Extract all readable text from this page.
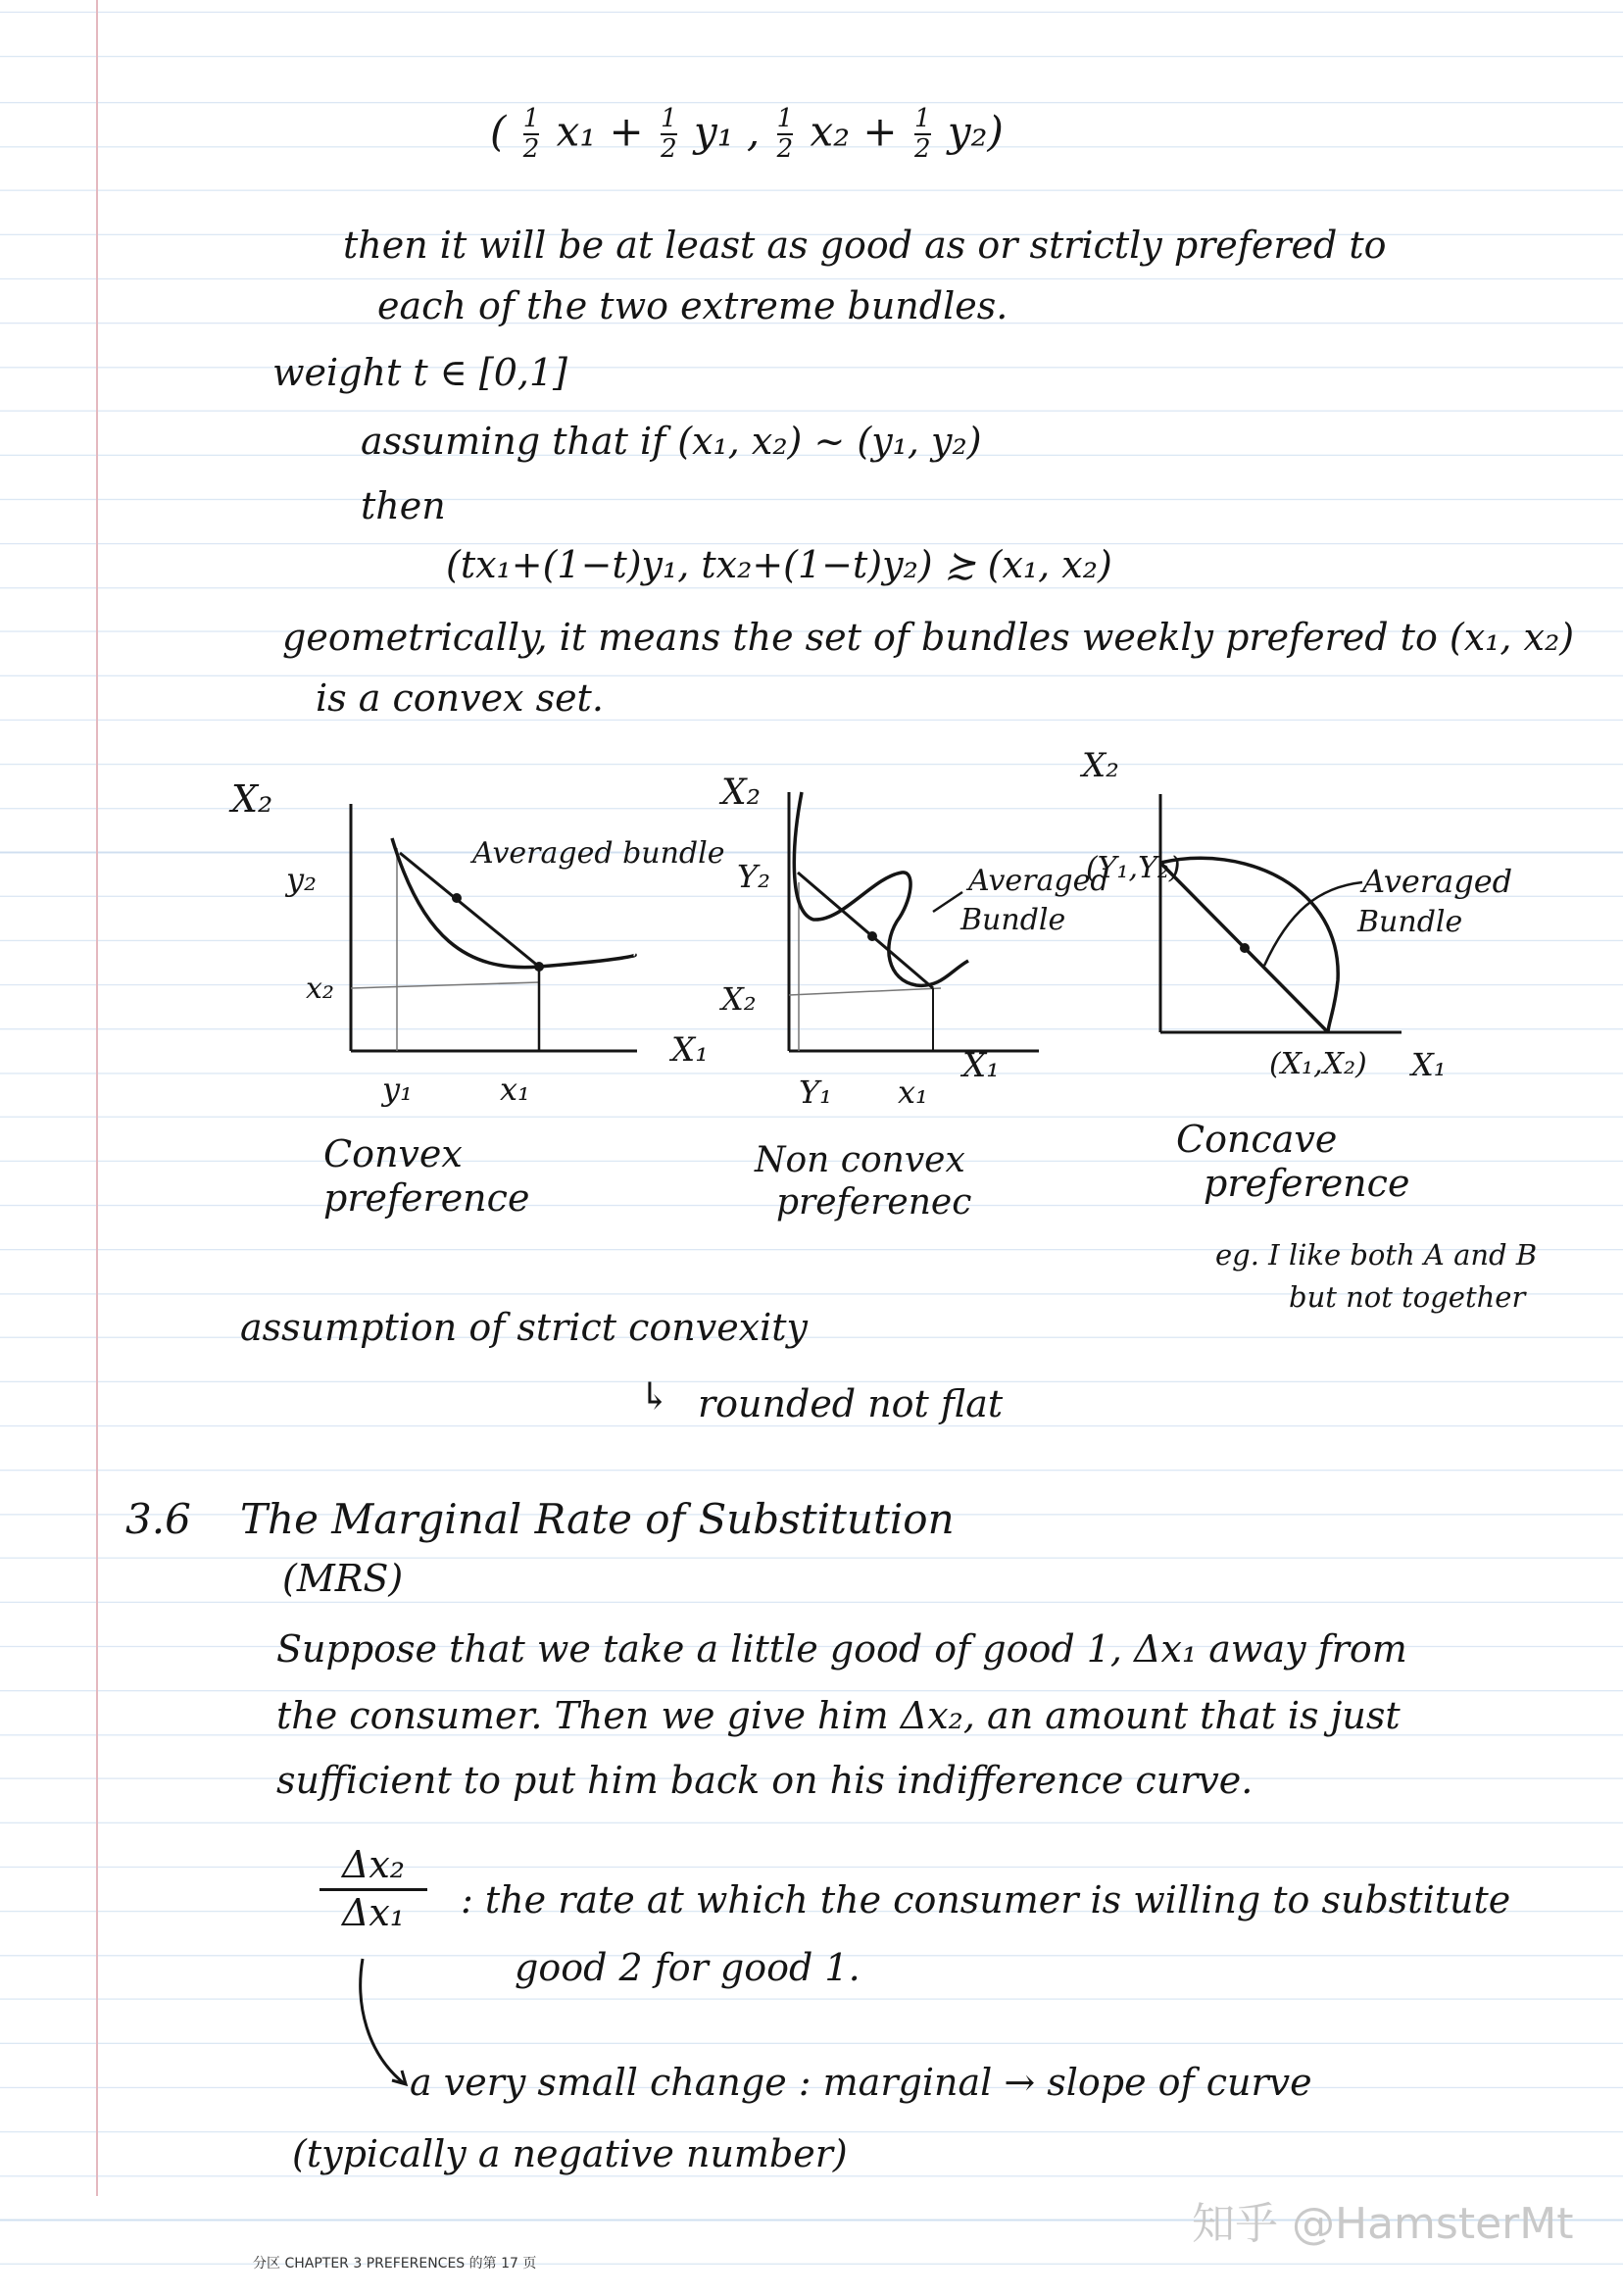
( $\frac{1}{2} x_1 + \frac{1}{2} y_1$ , $\frac{1}{2} x_2 + \frac{1}{2} y_2$)
then it will be at least as good as or strictly prefered to
each of the two extreme bundles.
weight t ∈ [0,1]
assuming that if (x₁, x₂) ~ (y₁, y₂)
then
(tx₁+(1−t)y₁, tx₂+(1−t)y₂) ≿ (x₁, x₂)
geometrically, it means the set of bundles weekly prefered to (x₁, x₂)
is a convex set.
X₂
y₂
x₂
X₁
y₁	x₁
Averaged bundle
Convex
preference
X₂
Y₂
X₂
X₁
Y₁ x₁
Averaged
Bundle
Non convex
preferenec
X₂
(Y₁,Y₂)
(X₁,X₂) X₁
Averaged
Bundle
Concave
preference
eg. I like both A and B
but not together
assumption of strict convexity
↳ rounded not flat
3.6 The Marginal Rate of Substitution
(MRS)
Suppose that we take a little good of good 1, Δx₁ away from
the consumer. Then we give him Δx₂, an amount that is just
sufficient to put him back on his indifference curve.
Δx₂
Δx₁ : the rate at which the consumer is willing to substitute
good 2 for good 1.
a very small change : marginal → slope of curve
(typically a negative number)
知乎 @HamsterMt
分区 CHAPTER 3 PREFERENCES 的第 17 页
